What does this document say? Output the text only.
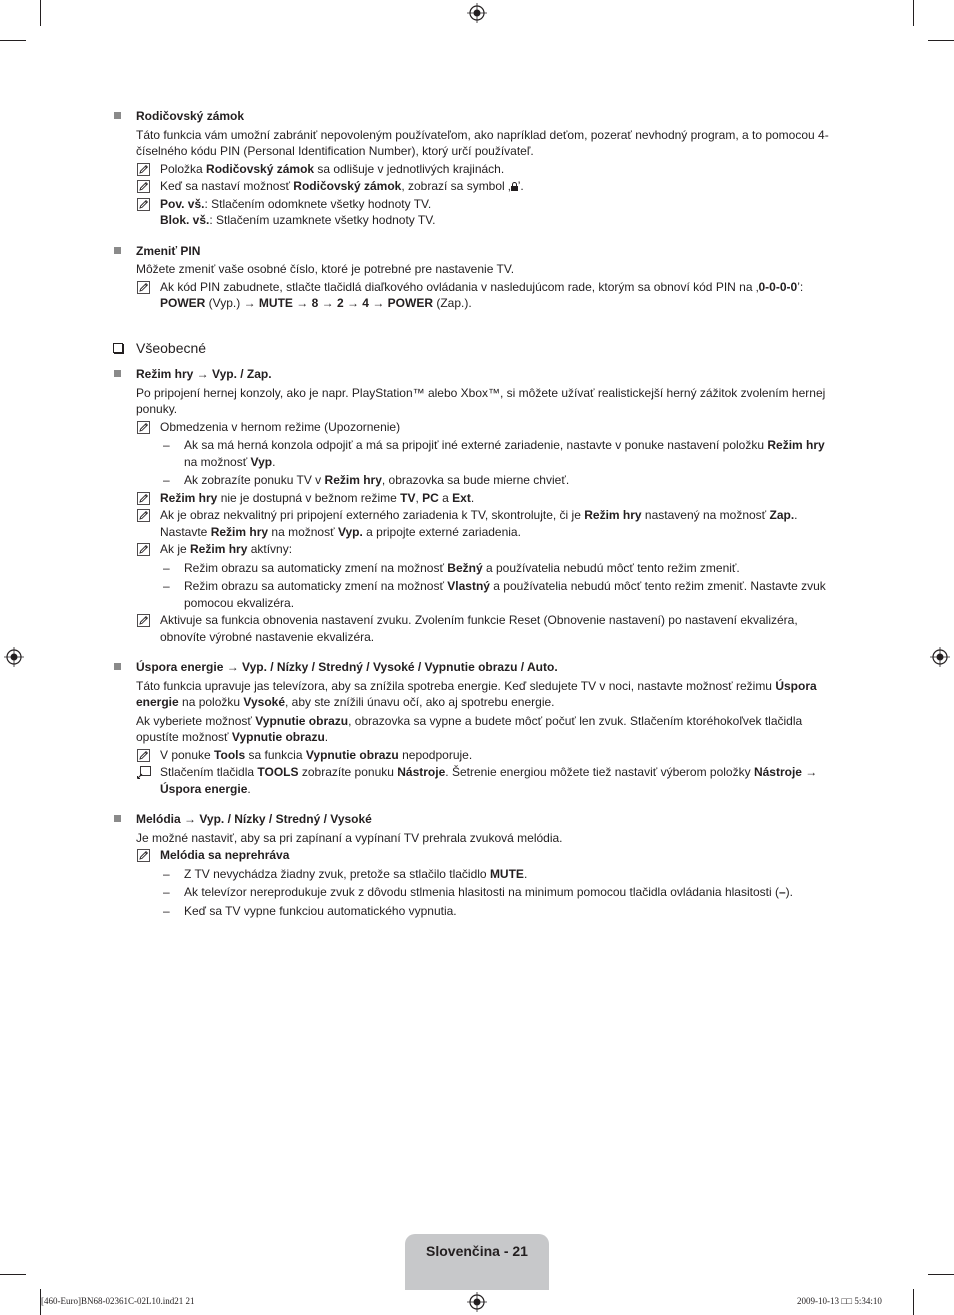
Rodičovský zámok
Táto funkcia vám umožní zabrániť nepovoleným používateľom, ako napríklad deťom, pozerať nevhodný program, a to pomocou 4-číselného kódu PIN (Personal Identification Number), ktorý určí používateľ.
Položka Rodičovský zámok sa odlišuje v jednotlivých krajinách.
Keď sa nastaví možnosť Rodičovský zámok, zobrazí sa symbol ‚ ’.
Pov. vš.: Stlačením odomknete všetky hodnoty TV.
Blok. vš.: Stlačením uzamknete všetky hodnoty TV.
Zmeniť PIN
Môžete zmeniť vaše osobné číslo, ktoré je potrebné pre nastavenie TV.
Ak kód PIN zabudnete, stlačte tlačidlá diaľkového ovládania v nasledujúcom rade, ktorým sa obnoví kód PIN na ‚0-0-0-0’: POWER (Vyp.) → MUTE → 8 → 2 → 4 → POWER (Zap.).
Všeobecné
Režim hry → Vyp. / Zap.
Po pripojení hernej konzoly, ako je napr. PlayStation™ alebo Xbox™, si môžete užívať realistickejší herný zážitok zvolením hernej ponuky.
Obmedzenia v hernom režime (Upozornenie)
– Ak sa má herná konzola odpojiť a má sa pripojiť iné externé zariadenie, nastavte v ponuke nastavení položku Režim hry na možnosť Vyp.
– Ak zobrazíte ponuku TV v Režim hry, obrazovka sa bude mierne chvieť.
Režim hry nie je dostupná v bežnom režime TV, PC a Ext.
Ak je obraz nekvalitný pri pripojení externého zariadenia k TV, skontrolujte, či je Režim hry nastavený na možnosť Zap.. Nastavte Režim hry na možnosť Vyp. a pripojte externé zariadenia.
Ak je Režim hry aktívny:
– Režim obrazu sa automaticky zmení na možnosť Bežný a používatelia nebudú môcť tento režim zmeniť.
– Režim obrazu sa automaticky zmení na možnosť Vlastný a používatelia nebudú môcť tento režim zmeniť. Nastavte zvuk pomocou ekvalizéra.
Aktivuje sa funkcia obnovenia nastavení zvuku. Zvolením funkcie Reset (Obnovenie nastavení) po nastavení ekvalizéra, obnovíte výrobné nastavenie ekvalizéra.
Úspora energie → Vyp. / Nízky / Stredný / Vysoké / Vypnutie obrazu / Auto.
Táto funkcia upravuje jas televízora, aby sa znížila spotreba energie. Keď sledujete TV v noci, nastavte možnosť režimu Úspora energie na položku Vysoké, aby ste znížili únavu očí, ako aj spotrebu energie.
Ak vyberiete možnosť Vypnutie obrazu, obrazovka sa vypne a budete môcť počuť len zvuk. Stlačením ktoréhokoľvek tlačidla opustíte možnosť Vypnutie obrazu.
V ponuke Tools sa funkcia Vypnutie obrazu nepodporuje.
Stlačením tlačidla TOOLS zobrazíte ponuku Nástroje. Šetrenie energiou môžete tiež nastaviť výberom položky Nástroje → Úspora energie.
Melódia → Vyp. / Nízky / Stredný / Vysoké
Je možné nastaviť, aby sa pri zapínaní a vypínaní TV prehrala zvuková melódia.
Melódia sa neprehráva
– Z TV nevychádza žiadny zvuk, pretože sa stlačilo tlačidlo MUTE.
– Ak televízor nereprodukuje zvuk z dôvodu stlmenia hlasitosti na minimum pomocou tlačidla ovládania hlasitosti (–).
– Keď sa TV vypne funkciou automatického vypnutia.
Slovenčina - 21
[460-Euro]BN68-02361C-02L10.ind21 21	2009-10-13 □□ 5:34:10
